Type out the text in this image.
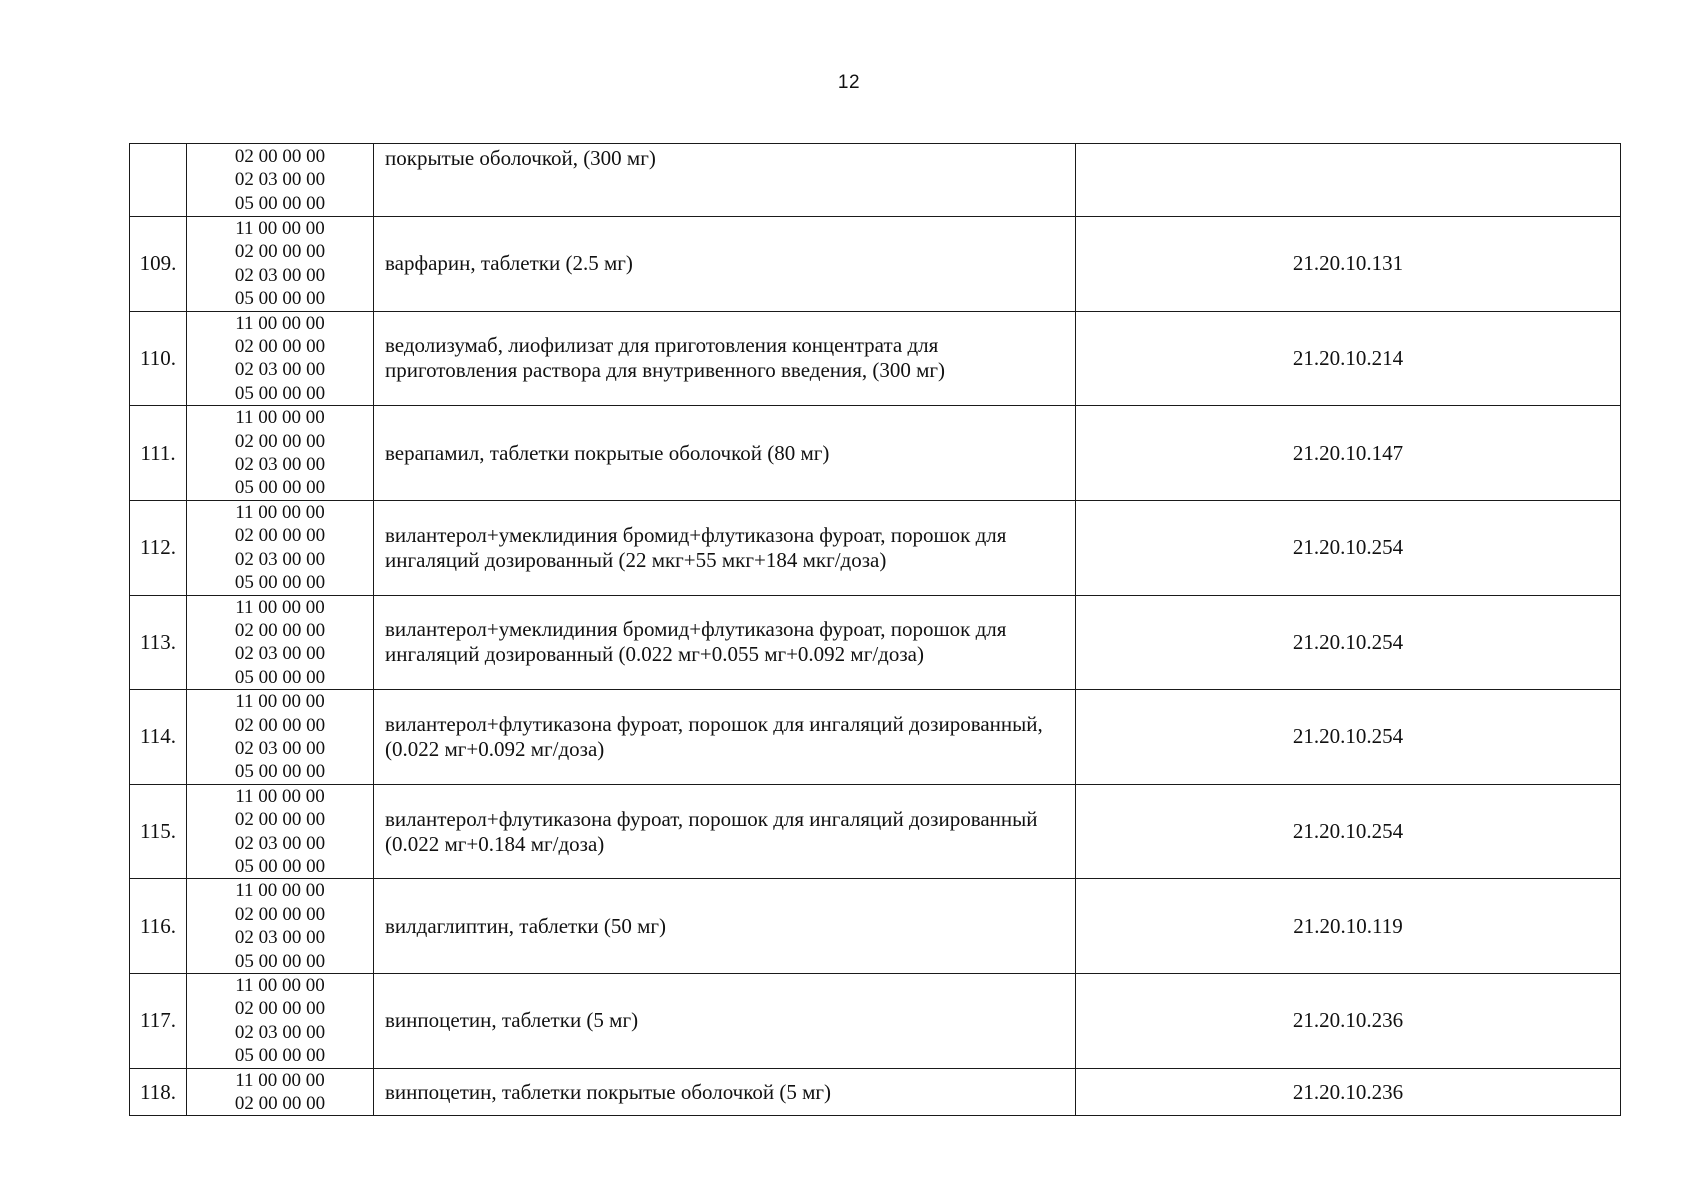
12

	02 00 00 00
02 03 00 00
05 00 00 00	покрытые оболочкой, (300 мг)	
109.	11 00 00 00
02 00 00 00
02 03 00 00
05 00 00 00	варфарин, таблетки (2.5 мг)	21.20.10.131
110.	11 00 00 00
02 00 00 00
02 03 00 00
05 00 00 00	ведолизумаб, лиофилизат для приготовления концентрата для приготовления раствора для внутривенного введения, (300 мг)	21.20.10.214
111.	11 00 00 00
02 00 00 00
02 03 00 00
05 00 00 00	верапамил, таблетки покрытые оболочкой (80 мг)	21.20.10.147
112.	11 00 00 00
02 00 00 00
02 03 00 00
05 00 00 00	вилантерол+умеклидиния бромид+флутиказона фуроат, порошок для ингаляций дозированный (22 мкг+55 мкг+184 мкг/доза)	21.20.10.254
113.	11 00 00 00
02 00 00 00
02 03 00 00
05 00 00 00	вилантерол+умеклидиния бромид+флутиказона фуроат, порошок для ингаляций дозированный (0.022 мг+0.055 мг+0.092 мг/доза)	21.20.10.254
114.	11 00 00 00
02 00 00 00
02 03 00 00
05 00 00 00	вилантерол+флутиказона фуроат, порошок для ингаляций дозированный, (0.022 мг+0.092 мг/доза)	21.20.10.254
115.	11 00 00 00
02 00 00 00
02 03 00 00
05 00 00 00	вилантерол+флутиказона фуроат, порошок для ингаляций дозированный (0.022 мг+0.184 мг/доза)	21.20.10.254
116.	11 00 00 00
02 00 00 00
02 03 00 00
05 00 00 00	вилдаглиптин, таблетки (50 мг)	21.20.10.119
117.	11 00 00 00
02 00 00 00
02 03 00 00
05 00 00 00	винпоцетин, таблетки (5 мг)	21.20.10.236
118.	11 00 00 00
02 00 00 00	винпоцетин, таблетки покрытые оболочкой (5 мг)	21.20.10.236
